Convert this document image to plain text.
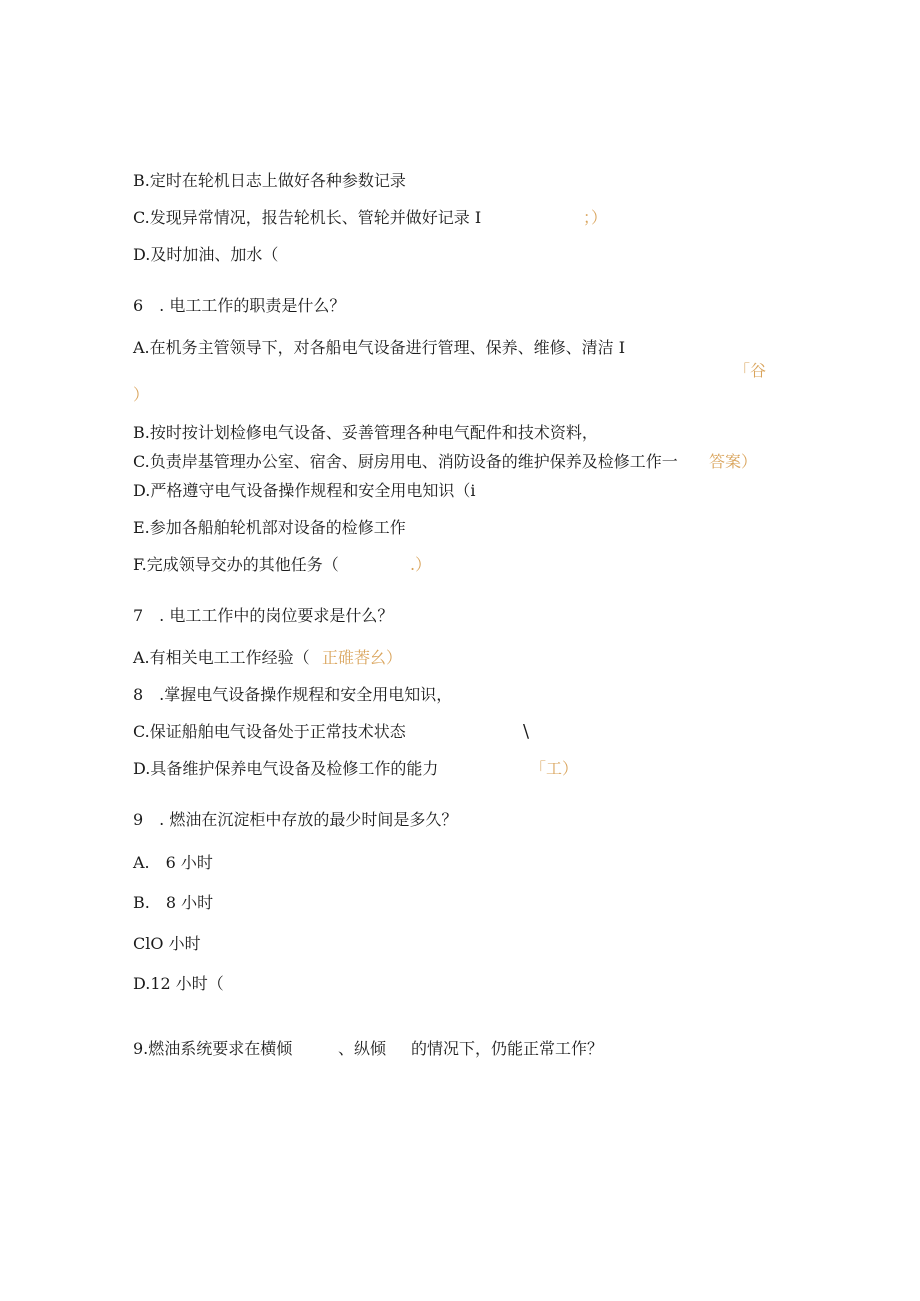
B.定时在轮机日志上做好各种参数记录
C.发现异常情况，报告轮机长、管轮并做好记录 I	；）
D.及时加油、加水（
6　. 电工工作的职责是什么？
A.在机务主管领导下，对各船电气设备进行管理、保养、维修、清洁 I
「谷
）
B.按时按计划检修电气设备、妥善管理各种电气配件和技术资料，
C.负责岸基管理办公室、宿舍、厨房用电、消防设备的维护保养及检修工作一 答案）
D.严格遵守电气设备操作规程和安全用电知识（i
E.参加各船舶轮机部对设备的检修工作
F.完成领导交办的其他任务（	.）
7　. 电工工作中的岗位要求是什么？
A.有相关电工工作经验（ 正碓莕幺）
8　.掌握电气设备操作规程和安全用电知识，
C.保证船舶电气设备处于正常技术状态	\
D.具备维护保养电气设备及检修工作的能力	「工）
9　. 燃油在沉淀柜中存放的最少时间是多久？
A.　6 小时
B.　8 小时
ClO 小时
D.12 小时（
9.燃油系统要求在横倾	、纵倾 的情况下，仍能正常工作？
